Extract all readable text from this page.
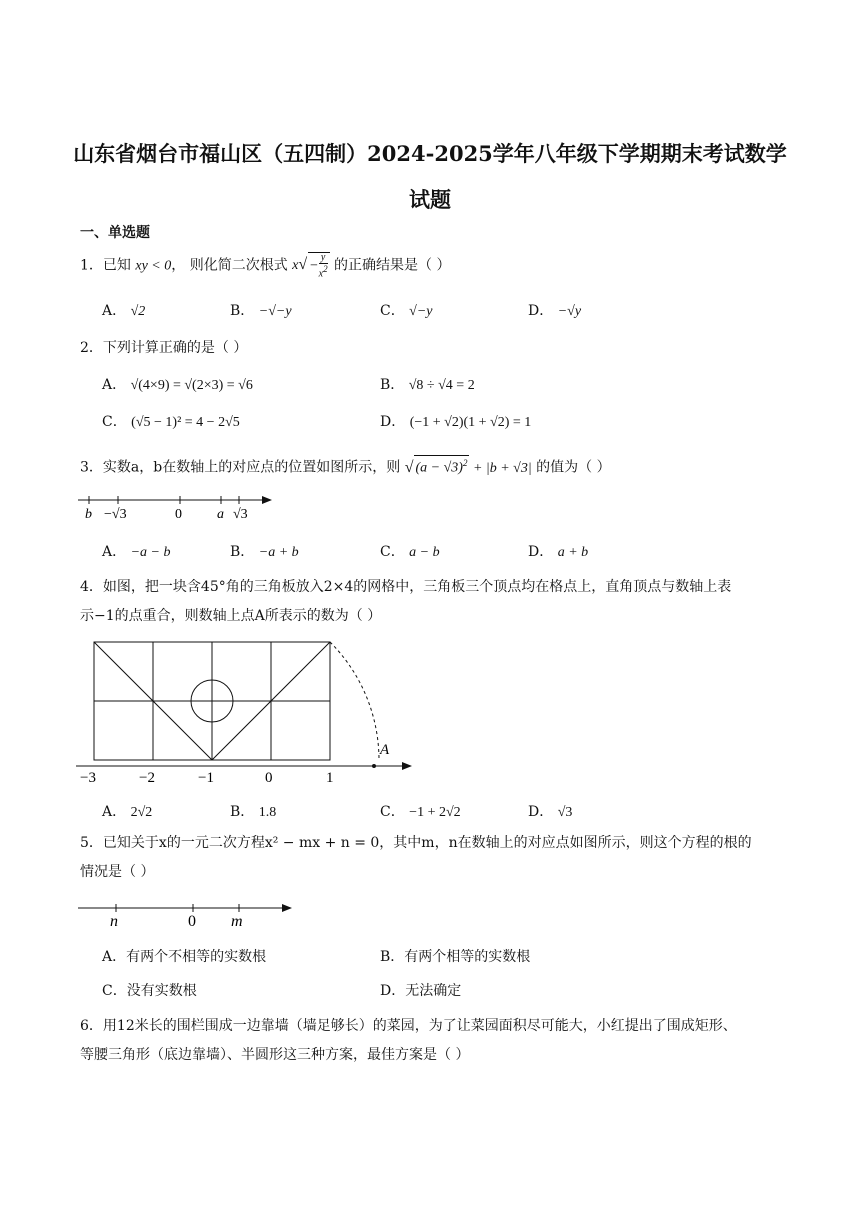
山东省烟台市福山区（五四制）2024-2025学年八年级下学期期末考试数学
试题
一、单选题
1．已知 xy < 0， 则化简二次根式 $x√ - \frac{y}{x^2}$ 的正确结果是（ ）
A． √2	B． −√−y	C． √−y	D． −√y
2．下列计算正确的是（ ）
A． √(4×9) = √(2×3) = √6	B． √8 ÷ √4 = 2
C． (√5 − 1)² = 4 − 2√5	D． (−1 + √2)(1 + √2) = 1
3．实数a，b在数轴上的对应点的位置如图所示，则 √ $(a - √3)^2 + |b + √3|$ 的值为（ ）
b −√3	0	a √3
A． −a − b	B． −a + b	C． a − b	D． a + b
4．如图，把一块含45°角的三角板放入2×4的网格中，三角板三个顶点均在格点上，直角顶点与数轴上表
示−1的点重合，则数轴上点A所表示的数为（ ）
A
−3	−2	−1	0	1
A． 2√2	B． 1.8	C． −1 + 2√2	D． √3
5．已知关于x的一元二次方程x² − mx + n = 0，其中m，n在数轴上的对应点如图所示，则这个方程的根的
情况是（ ）
n	0 m
A．有两个不相等的实数根	B．有两个相等的实数根
C．没有实数根	D．无法确定
6．用12米长的围栏围成一边靠墙（墙足够长）的菜园，为了让菜园面积尽可能大，小红提出了围成矩形、
等腰三角形（底边靠墙）、半圆形这三种方案，最佳方案是（ ）
